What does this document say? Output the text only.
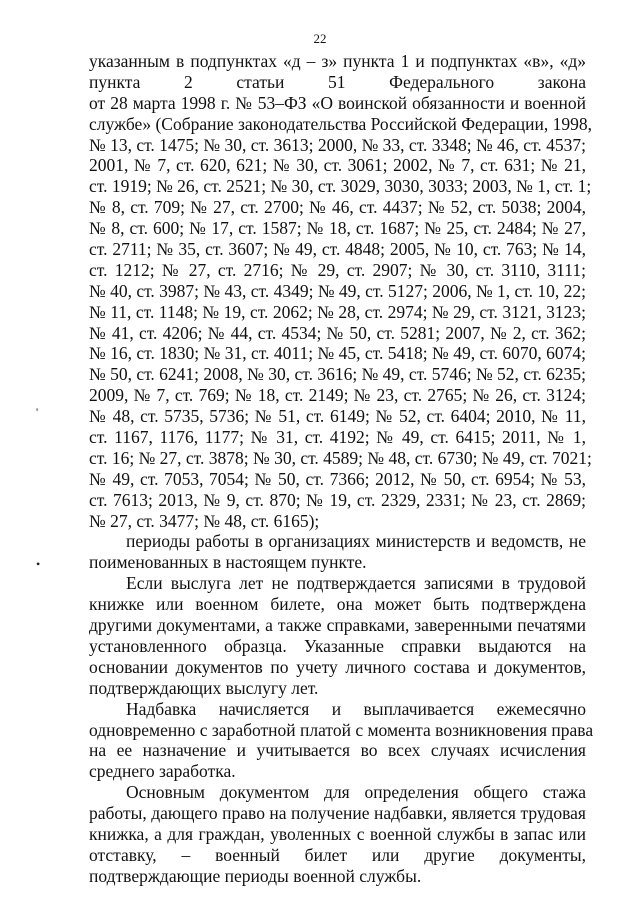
22
'
•
указанным в подпунктах «д – з» пункта 1 и подпунктах «в», «д»
пункта 2 статьи 51 Федерального закона
от 28 марта 1998 г. № 53–ФЗ «О воинской обязанности и военной
службе» (Собрание законодательства Российской Федерации, 1998,
№ 13, ст. 1475; № 30, ст. 3613; 2000, № 33, ст. 3348; № 46, ст. 4537;
2001, № 7, ст. 620, 621; № 30, ст. 3061; 2002, № 7, ст. 631; № 21,
ст. 1919; № 26, ст. 2521; № 30, ст. 3029, 3030, 3033; 2003, № 1, ст. 1;
№ 8, ст. 709; № 27, ст. 2700; № 46, ст. 4437; № 52, ст. 5038; 2004,
№ 8, ст. 600; № 17, ст. 1587; № 18, ст. 1687; № 25, ст. 2484; № 27,
ст. 2711; № 35, ст. 3607; № 49, ст. 4848; 2005, № 10, ст. 763; № 14,
ст. 1212; № 27, ст. 2716; № 29, ст. 2907; № 30, ст. 3110, 3111;
№ 40, ст. 3987; № 43, ст. 4349; № 49, ст. 5127; 2006, № 1, ст. 10, 22;
№ 11, ст. 1148; № 19, ст. 2062; № 28, ст. 2974; № 29, ст. 3121, 3123;
№ 41, ст. 4206; № 44, ст. 4534; № 50, ст. 5281; 2007, № 2, ст. 362;
№ 16, ст. 1830; № 31, ст. 4011; № 45, ст. 5418; № 49, ст. 6070, 6074;
№ 50, ст. 6241; 2008, № 30, ст. 3616; № 49, ст. 5746; № 52, ст. 6235;
2009, № 7, ст. 769; № 18, ст. 2149; № 23, ст. 2765; № 26, ст. 3124;
№ 48, ст. 5735, 5736; № 51, ст. 6149; № 52, ст. 6404; 2010, № 11,
ст. 1167, 1176, 1177; № 31, ст. 4192; № 49, ст. 6415; 2011, № 1,
ст. 16; № 27, ст. 3878; № 30, ст. 4589; № 48, ст. 6730; № 49, ст. 7021;
№ 49, ст. 7053, 7054; № 50, ст. 7366; 2012, № 50, ст. 6954; № 53,
ст. 7613; 2013, № 9, ст. 870; № 19, ст. 2329, 2331; № 23, ст. 2869;
№ 27, ст. 3477; № 48, ст. 6165);
периоды работы в организациях министерств и ведомств, не
поименованных в настоящем пункте.
Если выслуга лет не подтверждается записями в трудовой
книжке или военном билете, она может быть подтверждена
другими документами, а также справками, заверенными печатями
установленного образца. Указанные справки выдаются на
основании документов по учету личного состава и документов,
подтверждающих выслугу лет.
Надбавка начисляется и выплачивается ежемесячно
одновременно с заработной платой с момента возникновения права
на ее назначение и учитывается во всех случаях исчисления
среднего заработка.
Основным документом для определения общего стажа
работы, дающего право на получение надбавки, является трудовая
книжка, а для граждан, уволенных с военной службы в запас или
отставку, – военный билет или другие документы,
подтверждающие периоды военной службы.
